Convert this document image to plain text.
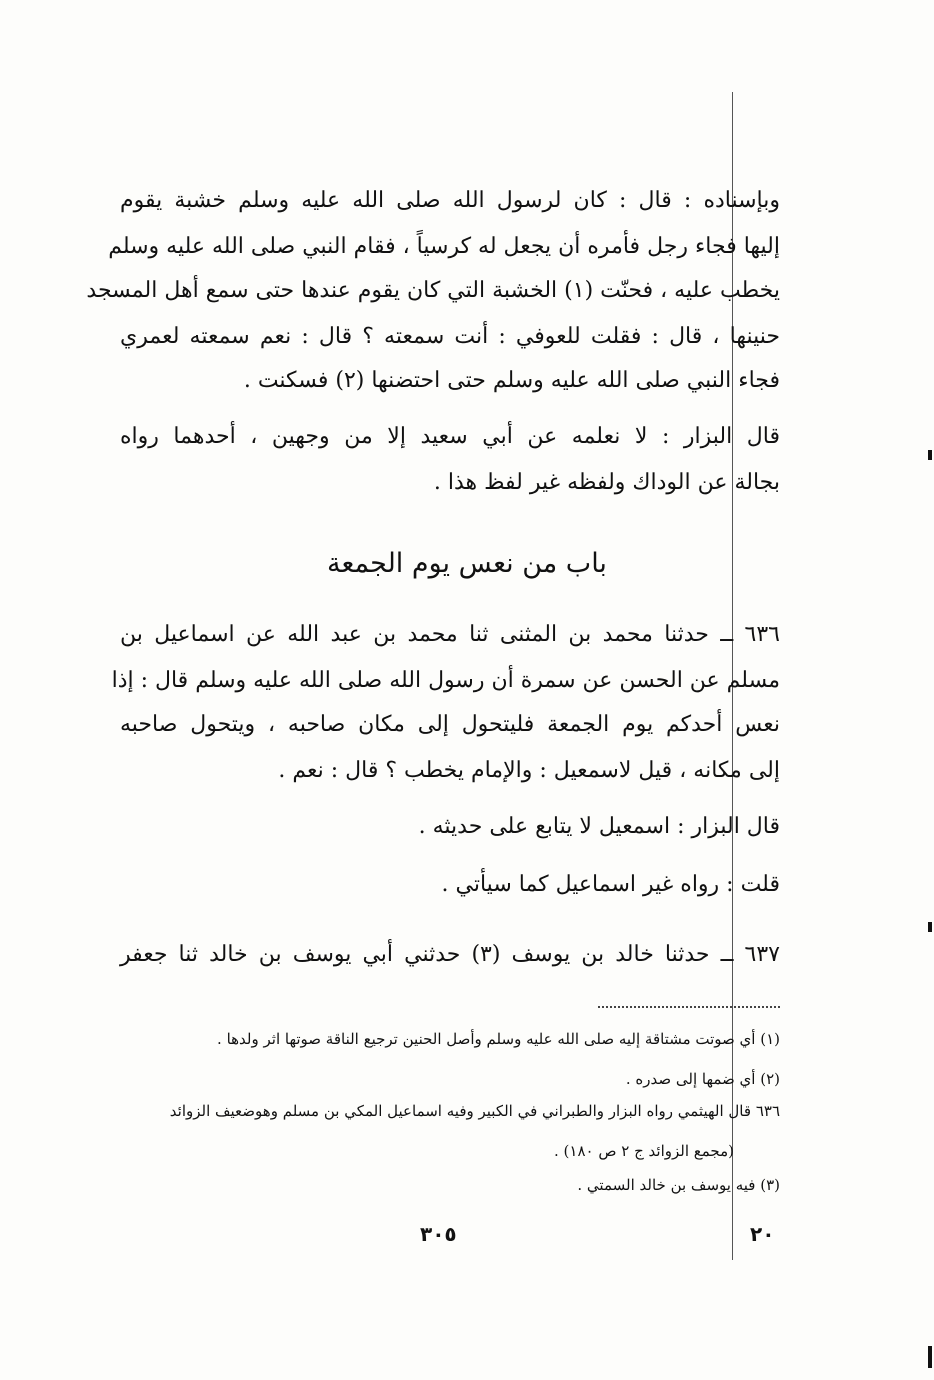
وبإسناده : قال : كان لرسول الله صلى الله عليه وسلم خشبة يقوم
إليها فجاء رجل فأمره أن يجعل له كرسياً ، فقام النبي صلى الله عليه وسلم
يخطب عليه ، فحنّت (١) الخشبة التي كان يقوم عندها حتى سمع أهل المسجد
حنينها ، قال : فقلت للعوفي : أنت سمعته ؟ قال : نعم سمعته لعمري
فجاء النبي صلى الله عليه وسلم حتى احتضنها (٢) فسكنت .
قال البزار : لا نعلمه عن أبي سعيد إلا من وجهين ، أحدهما رواه
بجالة عن الوداك ولفظه غير لفظ هذا .
باب من نعس يوم الجمعة
٦٣٦ ــ حدثنا محمد بن المثنى ثنا محمد بن عبد الله عن اسماعيل بن
مسلم عن الحسن عن سمرة أن رسول الله صلى الله عليه وسلم قال : إذا
نعس أحدكم يوم الجمعة فليتحول إلى مكان صاحبه ، ويتحول صاحبه
إلى مكانه ، قيل لاسمعيل : والإمام يخطب ؟ قال : نعم .
قال البزار : اسمعيل لا يتابع على حديثه .
قلت : رواه غير اسماعيل كما سيأتي .
٦٣٧ ــ حدثنا خالد بن يوسف (٣) حدثني أبي يوسف بن خالد ثنا جعفر
(١) أي صوتت مشتاقة إليه صلى الله عليه وسلم وأصل الحنين ترجيع الناقة صوتها اثر ولدها .
(٢) أي ضمها إلى صدره .
٦٣٦ قال الهيثمي رواه البزار والطبراني في الكبير وفيه اسماعيل المكي بن مسلم وهوضعيف الزوائد
(مجمع الزوائد ج ٢ ص ١٨٠) .
(٣) فيه يوسف بن خالد السمتي .
٣٠٥	٢٠
